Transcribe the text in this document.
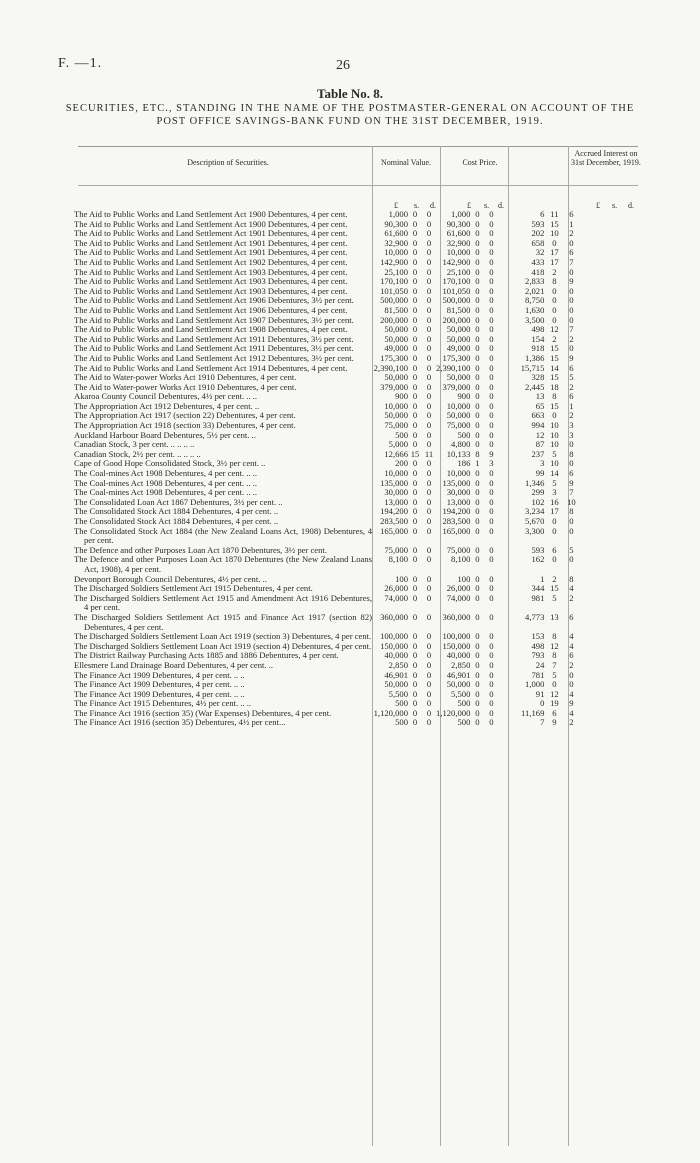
F. —1.	26
Table No. 8.
SECURITIES, ETC., STANDING IN THE NAME OF THE POSTMASTER-GENERAL ON ACCOUNT OF THE POST OFFICE SAVINGS-BANK FUND ON THE 31ST DECEMBER, 1919.
Description of Securities.	Nominal Value.	Cost Price.
Accrued Interest on 31st December, 1919.
£ s. d.	£ s. d.	£ s. d.
The Aid to Public Works and Land Settlement Act 1900 Debentures, 4 per cent.	1,000	0	0	1,000	0	0	6	11	6

The Aid to Public Works and Land Settlement Act 1900 Debentures, 4 per cent.	90,300	0	0	90,300	0	0	593	15	1

The Aid to Public Works and Land Settlement Act 1901 Debentures, 4 per cent.	61,600	0	0	61,600	0	0	202	10	2

The Aid to Public Works and Land Settlement Act 1901 Debentures, 4 per cent.	32,900	0	0	32,900	0	0	658	0	0

The Aid to Public Works and Land Settlement Act 1901 Debentures, 4 per cent.	10,000	0	0	10,000	0	0	32	17	6

The Aid to Public Works and Land Settlement Act 1902 Debentures, 4 per cent.	142,900	0	0	142,900	0	0	433	17	7

The Aid to Public Works and Land Settlement Act 1903 Debentures, 4 per cent.	25,100	0	0	25,100	0	0	418	2	0

The Aid to Public Works and Land Settlement Act 1903 Debentures, 4 per cent.	170,100	0	0	170,100	0	0	2,833	8	9

The Aid to Public Works and Land Settlement Act 1903 Debentures, 4 per cent.	101,050	0	0	101,050	0	0	2,021	0	0

The Aid to Public Works and Land Settlement Act 1906 Debentures, 3½ per cent.	500,000	0	0	500,000	0	0	8,750	0	0

The Aid to Public Works and Land Settlement Act 1906 Debentures, 4 per cent.	81,500	0	0	81,500	0	0	1,630	0	0

The Aid to Public Works and Land Settlement Act 1907 Debentures, 3½ per cent.	200,000	0	0	200,000	0	0	3,500	0	0

The Aid to Public Works and Land Settlement Act 1908 Debentures, 4 per cent.	50,000	0	0	50,000	0	0	498	12	7

The Aid to Public Works and Land Settlement Act 1911 Debentures, 3½ per cent.	50,000	0	0	50,000	0	0	154	2	2

The Aid to Public Works and Land Settlement Act 1911 Debentures, 3½ per cent.	49,000	0	0	49,000	0	0	918	15	0

The Aid to Public Works and Land Settlement Act 1912 Debentures, 3½ per cent.	175,300	0	0	175,300	0	0	1,386	15	9

The Aid to Public Works and Land Settlement Act 1914 Debentures, 4 per cent.	2,390,100	0	0	2,390,100	0	0	15,715	14	6

The Aid to Water-power Works Act 1910 Debentures, 4 per cent.	50,000	0	0	50,000	0	0	328	15	5

The Aid to Water-power Works Act 1910 Debentures, 4 per cent.	379,000	0	0	379,000	0	0	2,445	18	2

Akaroa County Council Debentures, 4½ per cent. .. ..	900	0	0	900	0	0	13	8	6

The Appropriation Act 1912 Debentures, 4 per cent. ..	10,000	0	0	10,000	0	0	65	15	1

The Appropriation Act 1917 (section 22) Debentures, 4 per cent.	50,000	0	0	50,000	0	0	663	0	2

The Appropriation Act 1918 (section 33) Debentures, 4 per cent.	75,000	0	0	75,000	0	0	994	10	3

Auckland Harbour Board Debentures, 5½ per cent. ..	500	0	0	500	0	0	12	10	3

Canadian Stock, 3 per cent. .. .. .. ..	5,000	0	0	4,800	0	0	87	10	0

Canadian Stock, 2½ per cent. .. .. .. ..	12,666	15	11	10,133	8	9	237	5	8

Cape of Good Hope Consolidated Stock, 3½ per cent. ..	200	0	0	186	1	3	3	10	0

The Coal-mines Act 1908 Debentures, 4 per cent. .. ..	10,000	0	0	10,000	0	0	99	14	6

The Coal-mines Act 1908 Debentures, 4 per cent. .. ..	135,000	0	0	135,000	0	0	1,346	5	9

The Coal-mines Act 1908 Debentures, 4 per cent. .. ..	30,000	0	0	30,000	0	0	299	3	7

The Consolidated Loan Act 1867 Debentures, 3½ per cent. ..	13,000	0	0	13,000	0	0	102	16	10

The Consolidated Stock Act 1884 Debentures, 4 per cent. ..	194,200	0	0	194,200	0	0	3,234	17	8

The Consolidated Stock Act 1884 Debentures, 4 per cent. ..	283,500	0	0	283,500	0	0	5,670	0	0

The Consolidated Stock Act 1884 (the New Zealand Loans Act, 1908) Debentures, 4 per cent.	165,000	0	0	165,000	0	0	3,300	0	0

The Defence and other Purposes Loan Act 1870 Debentures, 3½ per cent.	75,000	0	0	75,000	0	0	593	6	5

The Defence and other Purposes Loan Act 1870 Debentures (the New Zealand Loans Act, 1908), 4 per cent.	8,100	0	0	8,100	0	0	162	0	0

Devonport Borough Council Debentures, 4½ per cent. ..	100	0	0	100	0	0	1	2	8

The Discharged Soldiers Settlement Act 1915 Debentures, 4 per cent.	26,000	0	0	26,000	0	0	344	15	4

The Discharged Soldiers Settlement Act 1915 and Amendment Act 1916 Debentures, 4 per cent.	74,000	0	0	74,000	0	0	981	5	2

The Discharged Soldiers Settlement Act 1915 and Finance Act 1917 (section 82) Debentures, 4 per cent.	360,000	0	0	360,000	0	0	4,773	13	6

The Discharged Soldiers Settlement Loan Act 1919 (section 3) Debentures, 4 per cent.	100,000	0	0	100,000	0	0	153	8	4

The Discharged Soldiers Settlement Loan Act 1919 (section 4) Debentures, 4 per cent.	150,000	0	0	150,000	0	0	498	12	4

The District Railway Purchasing Acts 1885 and 1886 Debentures, 4 per cent.	40,000	0	0	40,000	0	0	793	8	6

Ellesmere Land Drainage Board Debentures, 4 per cent. ..	2,850	0	0	2,850	0	0	24	7	2

The Finance Act 1909 Debentures, 4 per cent. .. ..	46,901	0	0	46,901	0	0	781	5	0

The Finance Act 1909 Debentures, 4 per cent. .. ..	50,000	0	0	50,000	0	0	1,000	0	0

The Finance Act 1909 Debentures, 4 per cent. .. ..	5,500	0	0	5,500	0	0	91	12	4

The Finance Act 1915 Debentures, 4½ per cent. .. ..	500	0	0	500	0	0	0	19	9

The Finance Act 1916 (section 35) (War Expenses) Debentures, 4 per cent.	1,120,000	0	0	1,120,000	0	0	11,169	6	4

The Finance Act 1916 (section 35) Debentures, 4½ per cent...	500	0	0	500	0	0	7	9	2
